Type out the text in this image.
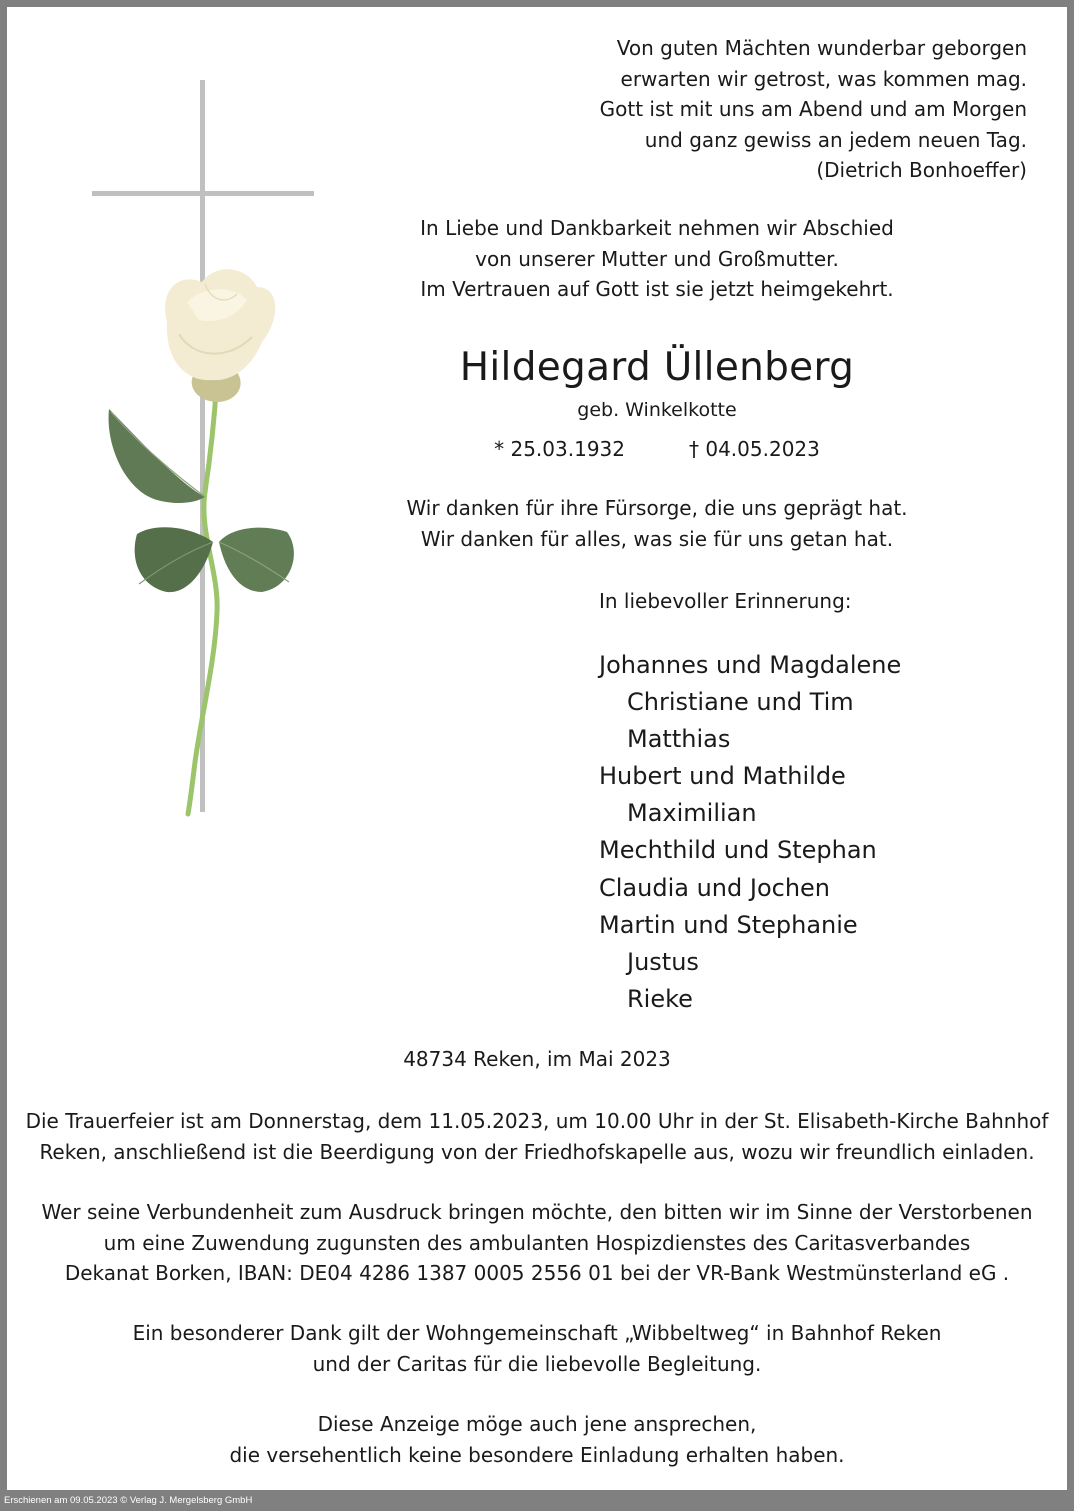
Von guten Mächten wunderbar geborgen
erwarten wir getrost, was kommen mag.
Gott ist mit uns am Abend und am Morgen
und ganz gewiss an jedem neuen Tag.
(Dietrich Bonhoeffer)
In Liebe und Dankbarkeit nehmen wir Abschied
von unserer Mutter und Großmutter.
Im Vertrauen auf Gott ist sie jetzt heimgekehrt.
Hildegard Üllenberg
geb. Winkelkotte
* 25.03.1932	† 04.05.2023
Wir danken für ihre Fürsorge, die uns geprägt hat.
Wir danken für alles, was sie für uns getan hat.
In liebevoller Erinnerung:
Johannes und Magdalene
Christiane und Tim
Matthias
Hubert und Mathilde
Maximilian
Mechthild und Stephan
Claudia und Jochen
Martin und Stephanie
Justus
Rieke
48734 Reken, im Mai 2023
Die Trauerfeier ist am Donnerstag, dem 11.05.2023, um 10.00 Uhr in der St. Elisabeth-Kirche Bahnhof
Reken, anschließend ist die Beerdigung von der Friedhofskapelle aus, wozu wir freundlich einladen.
Wer seine Verbundenheit zum Ausdruck bringen möchte, den bitten wir im Sinne der Verstorbenen
um eine Zuwendung zugunsten des ambulanten Hospizdienstes des Caritasverbandes
Dekanat Borken, IBAN: DE04 4286 1387 0005 2556 01 bei der VR-Bank Westmünsterland eG .
Ein besonderer Dank gilt der Wohngemeinschaft „Wibbeltweg“ in Bahnhof Reken
und der Caritas für die liebevolle Begleitung.
Diese Anzeige möge auch jene ansprechen,
die versehentlich keine besondere Einladung erhalten haben.
Erschienen am 09.05.2023 © Verlag J. Mergelsberg GmbH
